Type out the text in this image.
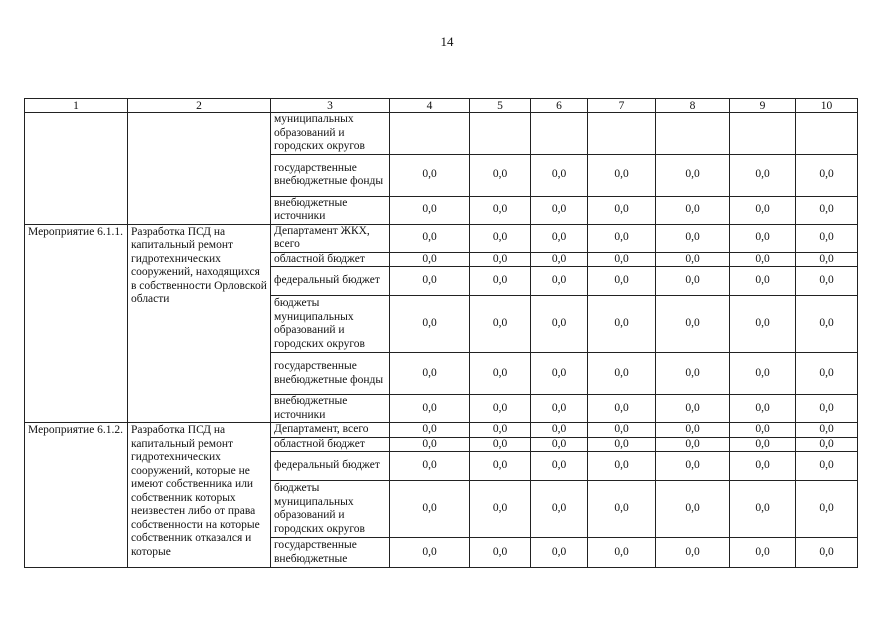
14
1	2	3	4	5	6	7	8	9	10
		муниципальных образований и городских округов							
		государственные внебюджетные фонды	0,0	0,0	0,0	0,0	0,0	0,0	0,0
		внебюджетные источники	0,0	0,0	0,0	0,0	0,0	0,0	0,0
Мероприятие 6.1.1.	Разработка ПСД на капитальный ремонт гидротехнических сооружений, находящихся в собственности Орловской области	Департамент ЖКХ, всего	0,0	0,0	0,0	0,0	0,0	0,0	0,0
		областной бюджет	0,0	0,0	0,0	0,0	0,0	0,0	0,0
		федеральный бюджет	0,0	0,0	0,0	0,0	0,0	0,0	0,0
		бюджеты муниципальных образований и городских округов	0,0	0,0	0,0	0,0	0,0	0,0	0,0
		государственные внебюджетные фонды	0,0	0,0	0,0	0,0	0,0	0,0	0,0
		внебюджетные источники	0,0	0,0	0,0	0,0	0,0	0,0	0,0
Мероприятие 6.1.2.	Разработка ПСД на капитальный ремонт гидротехнических сооружений, которые не имеют собственника или собственник которых неизвестен либо от права собственности на которые собственник отказался и которые	Департамент, всего	0,0	0,0	0,0	0,0	0,0	0,0	0,0
		областной бюджет	0,0	0,0	0,0	0,0	0,0	0,0	0,0
		федеральный бюджет	0,0	0,0	0,0	0,0	0,0	0,0	0,0
		бюджеты муниципальных образований и городских округов	0,0	0,0	0,0	0,0	0,0	0,0	0,0
		государственные внебюджетные	0,0	0,0	0,0	0,0	0,0	0,0	0,0
